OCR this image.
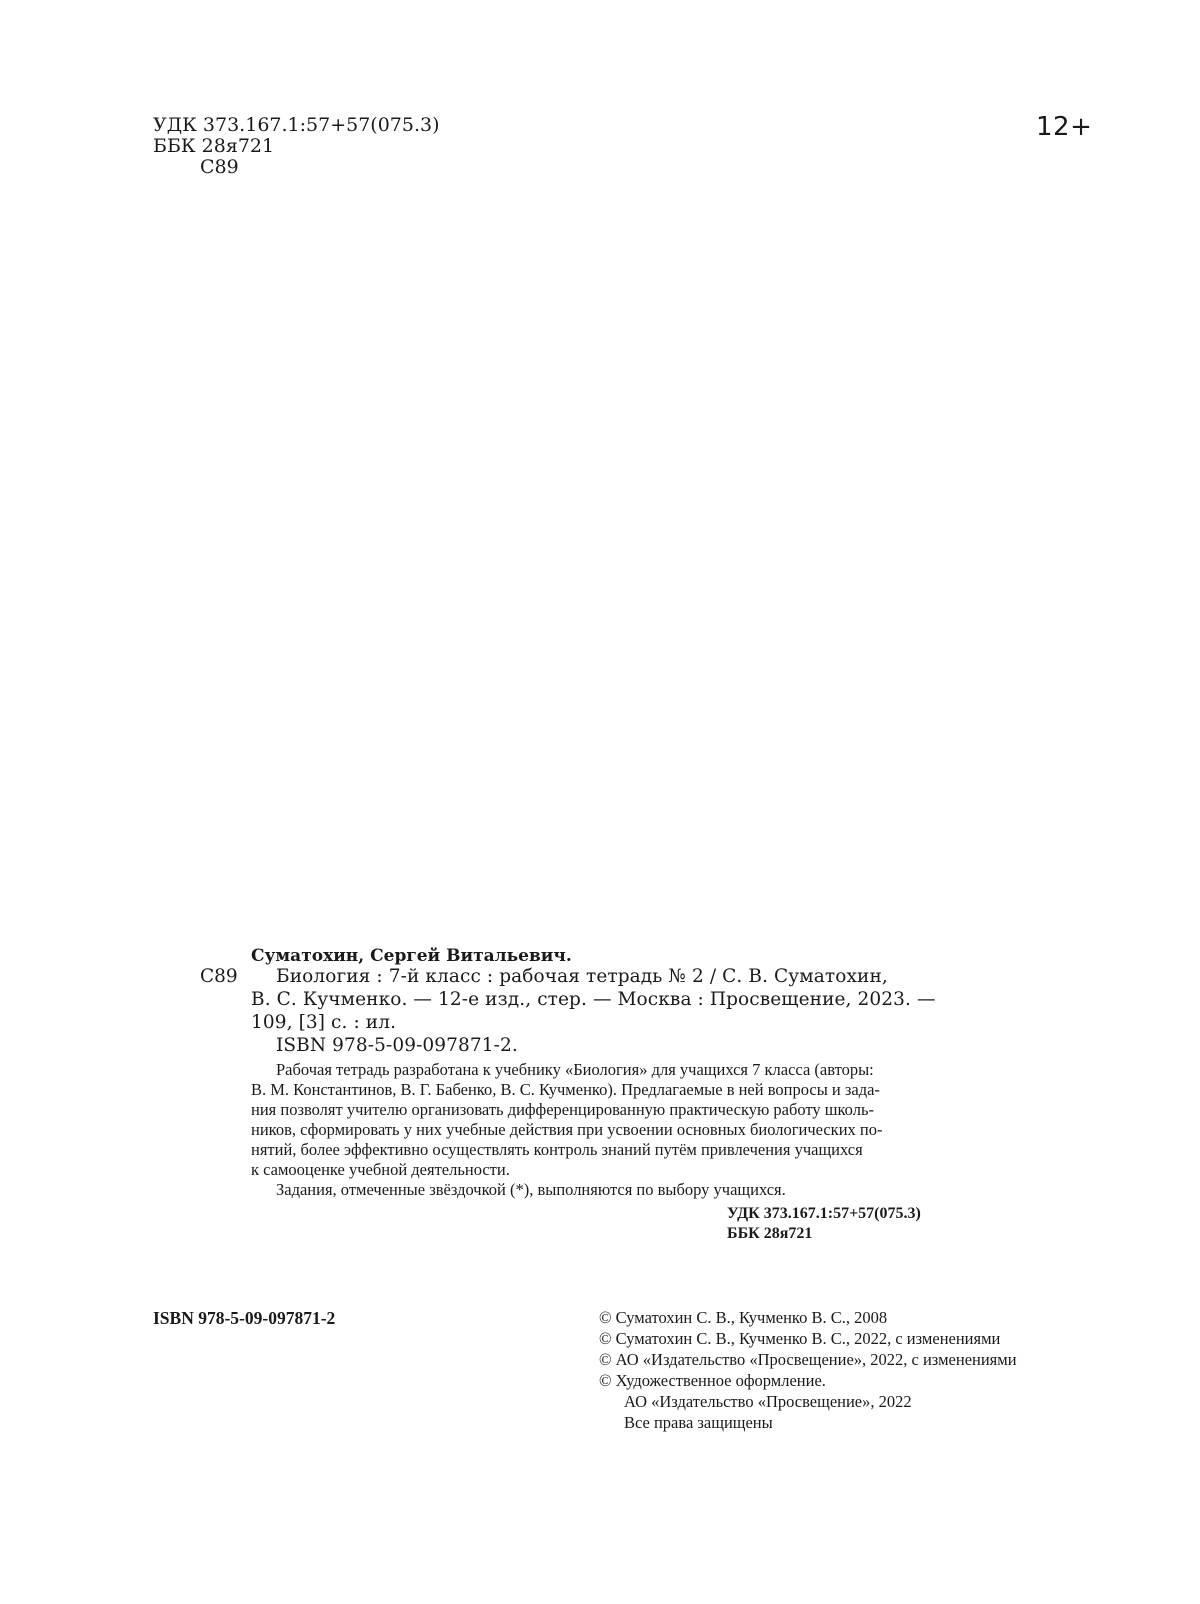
УДК 373.167.1:57+57(075.3)
ББК 28я721
С89
12+
Суматохин, Сергей Витальевич.
С89 Биология : 7-й класс : рабочая тетрадь № 2 / С. В. Суматохин,
В. С. Кучменко. — 12-е изд., стер. — Москва : Просвещение, 2023. —
109, [3] с. : ил.
ISBN 978-5-09-097871-2.
Рабочая тетрадь разработана к учебнику «Биология» для учащихся 7 класса (авторы:
В. М. Константинов, В. Г. Бабенко, В. С. Кучменко). Предлагаемые в ней вопросы и зада-
ния позволят учителю организовать дифференцированную практическую работу школь-
ников, сформировать у них учебные действия при усвоении основных биологических по-
нятий, более эффективно осуществлять контроль знаний путём привлечения учащихся
к самооценке учебной деятельности.
Задания, отмеченные звёздочкой (*), выполняются по выбору учащихся.
УДК 373.167.1:57+57(075.3)
ББК 28я721
ISBN 978-5-09-097871-2	© Суматохин С. В., Кучменко В. С., 2008
© Суматохин С. В., Кучменко В. С., 2022, с изменениями
© АО «Издательство «Просвещение», 2022, с изменениями
© Художественное оформление.
АО «Издательство «Просвещение», 2022
Все права защищены
